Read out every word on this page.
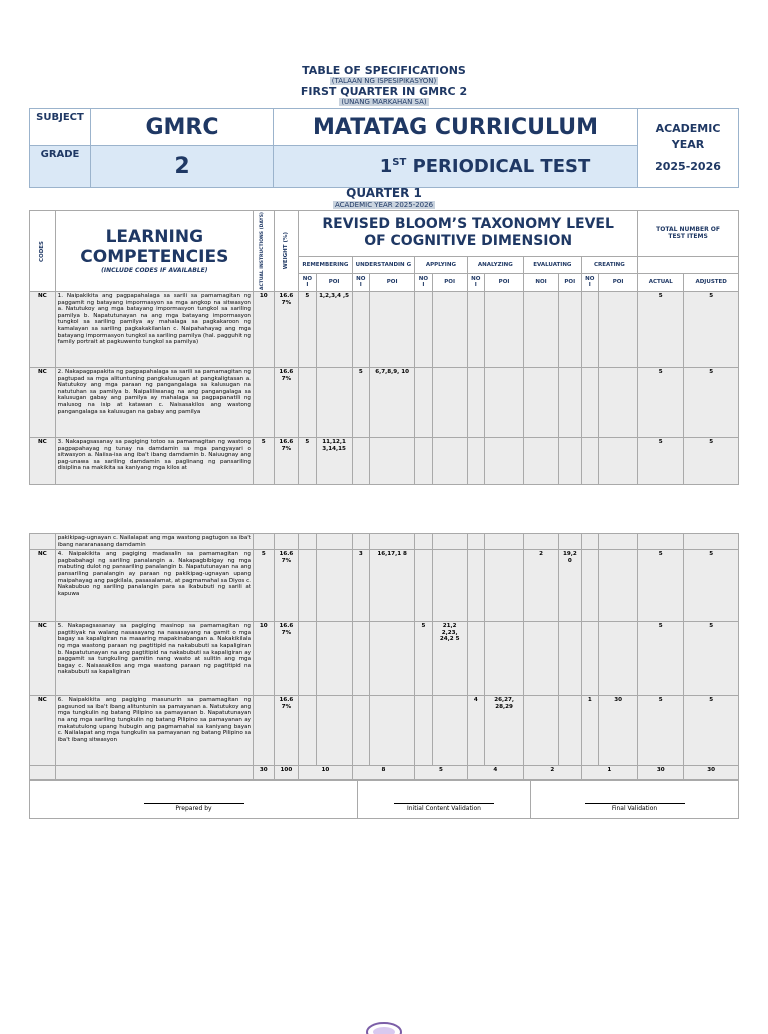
TABLE OF SPECIFICATIONS
(TALAAN NG ISPESIPIKASYON)
FIRST QUARTER IN GMRC 2
(UNANG MARKAHAN SA)
SUBJECT	GMRC	MATATAG CURRICULUM	ACADEMIC
YEAR
2025-2026
GRADE	2	1ST PERIODICAL TEST	
QUARTER 1
ACADEMIC YEAR 2025-2026
CODES	LEARNING
COMPETENCIES
(INCLUDE CODES IF AVAILABLE)	ACTUAL INSTRUCTIONS (DAYS)	WEIGHT (%)	REVISED BLOOM’S TAXONOMY LEVEL
OF COGNITIVE DIMENSION												TOTAL NUMBER OF
TEST ITEMS	
				REMEMBERING		UNDERSTANDIN G		APPLYING		ANALYZING		EVALUATING		CREATING			
				NO I	POI	NO I	POI	NO I	POI	NO I	POI	NOI	POI	NO I	POI	ACTUAL	ADJUSTED
NC	1. Naipakikita ang pagpapahalaga sa sarili sa pamamagitan ng paggamit ng batayang impormasyon sa mga angkop na sitwasyon a. Natutukoy ang mga batayang impormasyon tungkol sa sariling pamilya b. Napatutunayan na ang mga batayang impormasyon tungkol sa sariling pamilya ay mahalaga sa pagkakaroon ng kamalayan sa sariling pagkakakilanlan c. Naipahahayag ang mga batayang impormasyon tungkol sa sariling pamilya (hal. pagguhit ng family portrait at pagkuwento tungkol sa pamilya)	10	16.6 7%	5	1,2,3,4 ,5											5	5
NC	2. Nakapagpapakita ng pagpapahalaga sa sarili sa pamamagitan ng pagtupad sa mga alituntuning pangkalusugan at pangkaligtasan a. Natutukoy ang mga paraan ng pangangalaga sa kalusugan na natutuhan sa pamilya b. Naipaliliwanag na ang pangangalaga sa kalusugan gabay ang pamilya ay mahalaga sa pagpapanatili ng malusog na isip at katawan c. Naisasakilos ang wastong pangangalaga sa kalusugan na gabay ang pamilya		16.6 7%			5	6,7,8,9, 10									5	5
NC	3. Nakapagsasanay sa pagiging totoo sa pamamagitan ng wastong pagpapahayag ng tunay na damdamin sa mga pangyayari o sitwasyon a. Naiisa-isa ang iba't ibang damdamin b. Naiuugnay ang pag-unawa sa sariling damdamin sa paglinang ng pansariling disiplina na makikita sa kaniyang mga kilos at	5	16.6 7%	5	11,12,1 3,14,15											5	5
	pakikipag-ugnayan c. Nailalapat ang mga wastong pagtugon sa iba't ibang nararanasang damdamin																
NC	4. Naipakikita ang pagiging madasalin sa pamamagitan ng pagbabahagi ng sariling panalangin a. Nakapagbibigay ng mga mabuting dulot ng pansariling panalangin b. Napatutunayan na ang pansariling panalangin ay paraan ng pakikipag-ugnayan upang maipahayag ang pagkilala, pasasalamat, at pagmamahal sa Diyos c. Nakabubuo ng sariling panalangin para sa ikabubuti ng sarili at kapuwa	5	16.6 7%			3	16,17,1 8					2	19,2 0			5	5
NC	5. Nakapagsasanay sa pagiging masinop sa pamamagitan ng pagtitiyak na walang nasasayang na nasasayang na gamit o mga bagay sa kapaligiran na maaaring mapakinabangan a. Nakakikilala ng mga wastong paraan ng pagtitipid na nakabubuti sa kapaligiran b. Napatutunayan na ang pagtitipid na nakabubuti sa kapaligiran ay paggamit sa tungkuling gamitin nang wasto at sulitin ang mga bagay c. Naisasakilos ang mga wastong paraan ng pagtitipid na nakabubuti sa kapaligiran	10	16.6 7%					5	21,2 2,23, 24,2 5							5	5
NC	6. Naipakikita ang pagiging masunurin sa pamamagitan ng pagsunod sa iba't ibang alituntunin sa pamayanan a. Natutukoy ang mga tungkulin ng batang Pilipino sa pamayanan b. Napatutunayan na ang mga sariling tungkulin ng batang Pilipino sa pamayanan ay makatutulong upang hubugin ang pagmamahal sa kaniyang bayan c. Nailalapat ang mga tungkulin sa pamayanan ng batang Pilipino sa iba't ibang sitwasyon		16.6 7%							4	26,27, 28,29			1	30	5	5
		30	100	10		8		5		4		2		1		30	30
Prepared by	Initial Content Validation	Final Validation
